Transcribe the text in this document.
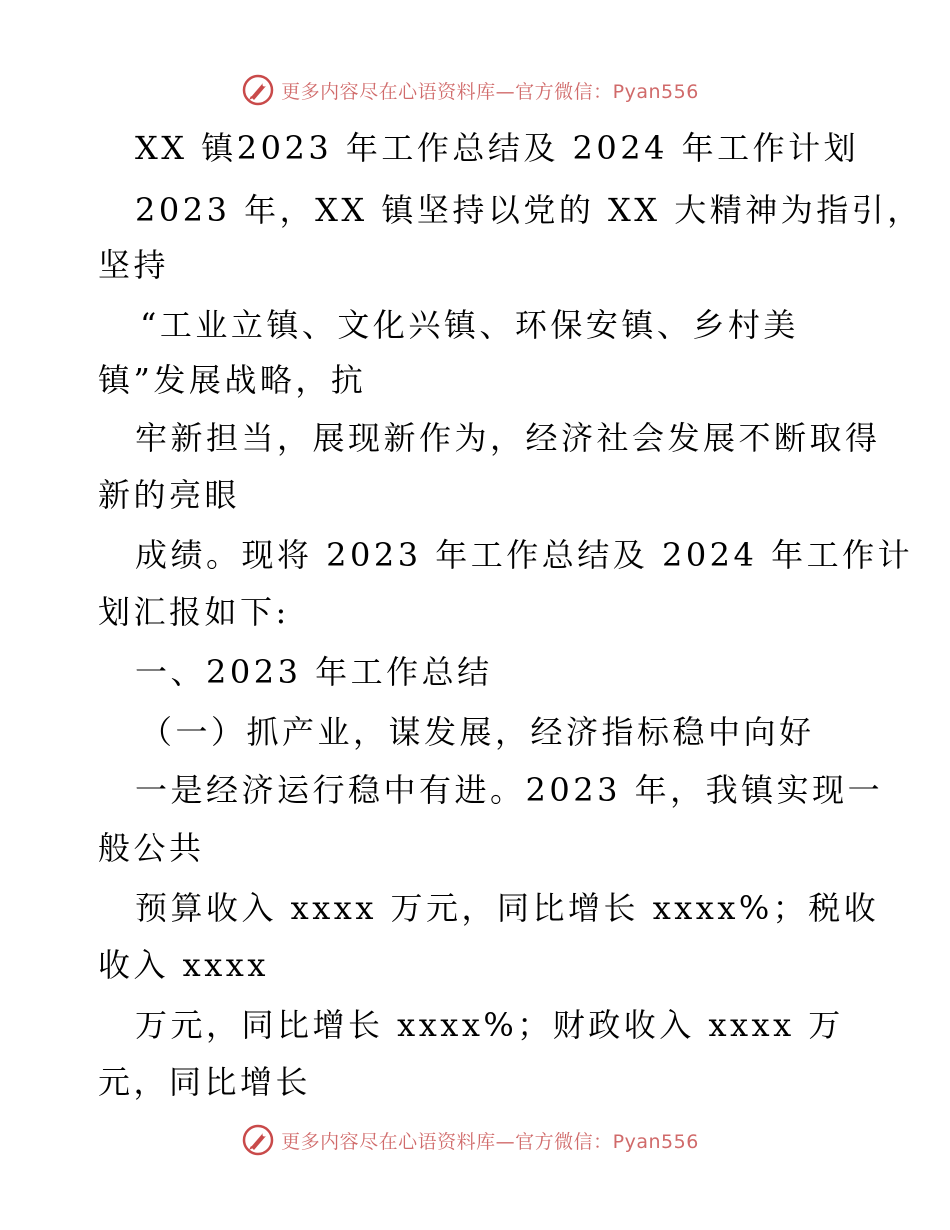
更多内容尽在心语资料库—官方微信：Pyan556
XX 镇2023 年工作总结及 2024 年工作计划
2023 年，XX 镇坚持以党的 XX 大精神为指引，
坚持
“工业立镇、文化兴镇、环保安镇、乡村美
镇”发展战略，抗
牢新担当，展现新作为，经济社会发展不断取得
新的亮眼
成绩。现将 2023 年工作总结及 2024 年工作计
划汇报如下:
一、2023 年工作总结
（一）抓产业，谋发展，经济指标稳中向好
一是经济运行稳中有进。2023 年，我镇实现一
般公共
预算收入 xxxx 万元，同比增长 xxxx%；税收
收入 xxxx
万元，同比增长 xxxx%；财政收入 xxxx 万
元，同比增长
更多内容尽在心语资料库—官方微信：Pyan556
